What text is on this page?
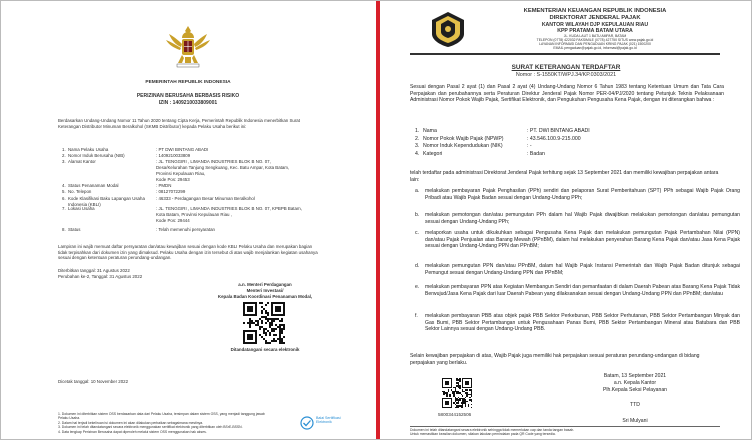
PEMERINTAH REPUBLIK INDONESIA
PERIZINAN BERUSAHA BERBASIS RISIKO
IZIN : 1409210033809001
Berdasarkan Undang-Undang Nomor 11 Tahun 2020 tentang Cipta Kerja, Pemerintah Republik Indonesia menerbitkan Surat Keterangan Distributor Minuman Beralkohol (SKMB Distributor) kepada Pelaku Usaha berikut ini:
1. Nama Pelaku Usaha	: PT DWI BINTANG ABADI
2. Nomor Induk Berusaha (NIB)	: 1409210033809
3. Alamat Kantor	: JL. TENGGIRI , LIMANDA INDUSTRIES BLOK B NO. 07,
Desa/Kelurahan Tanjung Sengkuang, Kec. Batu Ampar, Kota Batam,
Provinsi Kepulauan Riau,
Kode Pos: 29453
4. Status Penanaman Modal	: PMDN
5. No. Telepon	: 08127072299
6. Kode Klasifikasi Baku Lapangan Usaha Indonesia (KBLI): 46333 - Perdagangan Besar Minuman Beralkohol
7. Lokasi Usaha	: JL. TENGGIRI , LIMANDA INDUSTRIES BLOK B NO. 07, KPBPB Batam,
Kota Batam, Provinsi Kepulauan Riau ,
Kode Pos: 29444
8. Status	: Telah memenuhi persyaratan
Lampiran ini wajib memuat daftar persyaratan dan/atau kewajiban sesuai dengan kode KBLI Pelaku Usaha dan merupakan bagian tidak terpisahkan dari dokumen izin yang dimaksud. Pelaku Usaha dengan izin tersebut di atas wajib menjalankan kegiatan usahanya sesuai dengan ketentuan peraturan perundang-undangan.
Diterbitkan tanggal: 31 Agustus 2022
Perubahan ke-2, Tanggal: 31 Agustus 2022
a.n. Menteri Perdagangan
Menteri Investasi/
Kepala Badan Koordinasi Penanaman Modal,
Ditandatangani secara elektronik
Dicetak tanggal: 10 November 2022
1. Dokumen ini diterbitkan sistem OSS berdasarkan data dari Pelaku Usaha, tersimpan dalam sistem OSS, yang menjadi tanggung jawab
Pelaku Usaha.
2. Dalam hal terjadi kekeliruan isi dokumen ini akan dilakukan perbaikan sebagaimana mestinya.
3. Dokumen ini telah ditandatangani secara elektronik menggunakan sertifikat elektronik yang diterbitkan oleh BSrE-BSSN.
4. Data lengkap Perizinan Berusaha dapat diperoleh melalui sistem OSS menggunakan hak akses.
Balai Sertifikasi Elektronik
KEMENTERIAN KEUANGAN REPUBLIK INDONESIA
DIREKTORAT JENDERAL PAJAK
KANTOR WILAYAH DJP KEPULAUAN RIAU
KPP PRATAMA BATAM UTARA
JL. KUDA LAUT 1 BATU AMPAR, BATAM
TELEPON (0778) 422032 FAKSIMILE (0778) 427750 SITUS www.pajak.go.id
LAYANAN INFORMASI DAN PENGADUAN KRING PAJAK (021) 1500200
EMAIL pengaduan@pajak.go.id, informasi@pajak.go.id
SURAT KETERANGAN TERDAFTAR
Nomor : S-1550KT/WPJ.34/KP.0303/2021
Sesuai dengan Pasal 2 ayat (1) dan Pasal 2 ayat (4) Undang-Undang Nomor 6 Tahun 1983 tentang Ketentuan Umum dan Tata Cara Perpajakan dan perubahannya serta Peraturan Direktur Jenderal Pajak Nomor PER-04/PJ/2020 tentang Petunjuk Teknis Pelaksanaan Administrasi Nomor Pokok Wajib Pajak, Sertifikat Elektronik, dan Pengukuhan Pengusaha Kena Pajak, dengan ini diterangkan bahwa :
1. Nama	: PT. DWI BINTANG ABADI
2. Nomor Pokok Wajib Pajak (NPWP)	: 43.546.100.9-215.000
3. Nomor Induk Kependudukan (NIK)	: -
4. Kategori	: Badan
telah terdaftar pada administrasi Direktorat Jenderal Pajak terhitung sejak 13 September 2021 dan memiliki kewajiban perpajakan antara lain:
a. melakukan pembayaran Pajak Penghasilan (PPh) sendiri dan pelaporan Surat Pemberitahuan (SPT) PPh sebagai Wajib Pajak Orang Pribadi atau Wajib Pajak Badan sesuai dengan Undang-Undang PPh;
b. melakukan pemotongan dan/atau pemungutan PPh dalam hal Wajib Pajak diwajibkan melakukan pemotongan dan/atau pemungutan sesuai dengan Undang-Undang PPh;
c. melaporkan usaha untuk dikukuhkan sebagai Pengusaha Kena Pajak dan melakukan pemungutan Pajak Pertambahan Nilai (PPN) dan/atau Pajak Penjualan atas Barang Mewah (PPnBM), dalam hal melakukan penyerahan Barang Kena Pajak dan/atau Jasa Kena Pajak sesuai dengan Undang-Undang PPN dan PPnBM;
d. melakukan pemungutan PPN dan/atau PPnBM, dalam hal Wajib Pajak Instansi Pemerintah dan Wajib Pajak Badan ditunjuk sebagai Pemungut sesuai dengan Undang-Undang PPN dan PPnBM;
e. melakukan pembayaran PPN atas Kegiatan Membangun Sendiri dan pemanfaatan di dalam Daerah Pabean atas Barang Kena Pajak Tidak Berwujud/Jasa Kena Pajak dari luar Daerah Pabean yang dilaksanakan sesuai dengan Undang-Undang PPN dan PPnBM; dan/atau
f. melakukan pembayaran PBB atas objek pajak PBB Sektor Perkebunan, PBB Sektor Perhutanan, PBB Sektor Pertambangan Minyak dan Gas Bumi, PBB Sektor Pertambangan untuk Pengusahaan Panas Bumi, PBB Sektor Pertambangan Mineral atau Batubara dan PBB Sektor Lainnya sesuai dengan Undang-Undang PBB.
Selain kewajiban perpajakan di atas, Wajib Pajak juga memiliki hak perpajakan sesuai peraturan perundang-undangan di bidang perpajakan yang berlaku.
Batam, 13 September 2021
a.n. Kepala Kantor
Plh.Kepala Seksi Pelayanan
TTD
Sri Mulyani
5800344152506
Dokumen ini telah ditandatangani secara elektronik sehingga tidak memerlukan cap dan tanda tangan basah.
Untuk memastikan keaslian dokumen, silakan lakukan pemindaian pada QR Code yang tersedia.
